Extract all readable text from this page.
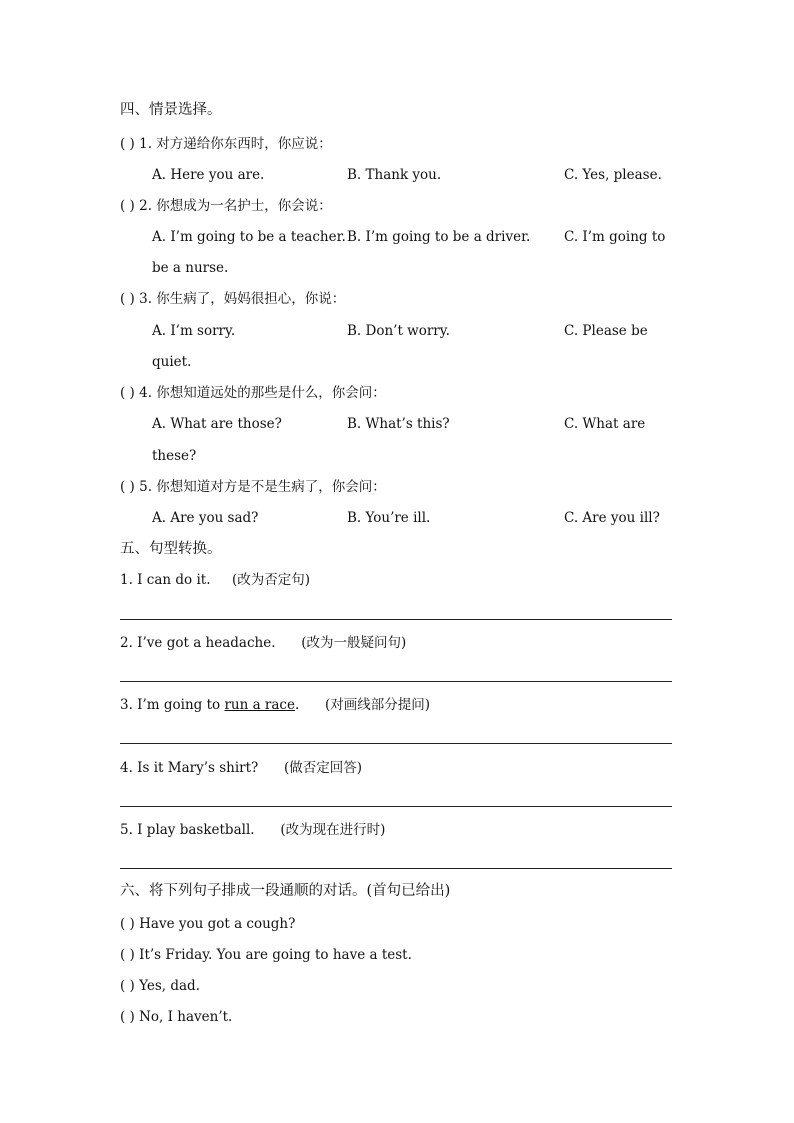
四、情景选择。
( ) 1. 对方递给你东西时，你应说：
A. Here you are.	B. Thank you.	C. Yes, please.
( ) 2. 你想成为一名护士，你会说：
A. I’m going to be a teacher. B. I’m going to be a driver. C. I’m going to
be a nurse.
( ) 3. 你生病了，妈妈很担心，你说：
A. I’m sorry.	B. Don’t worry.	C. Please be
quiet.
( ) 4. 你想知道远处的那些是什么，你会问：
A. What are those?	B. What’s this?	C. What are
these?
( ) 5. 你想知道对方是不是生病了，你会问：
A. Are you sad?	B. You’re ill.	C. Are you ill?
五、句型转换。
1. I can do it. (改为否定句)
2. I’ve got a headache. (改为一般疑问句)
3. I’m going to run a race. (对画线部分提问)
4. Is it Mary’s shirt? (做否定回答)
5. I play basketball. (改为现在进行时)
六、将下列句子排成一段通顺的对话。(首句已给出)
( ) Have you got a cough?
( ) It’s Friday. You are going to have a test.
( ) Yes, dad.
( ) No, I haven’t.
